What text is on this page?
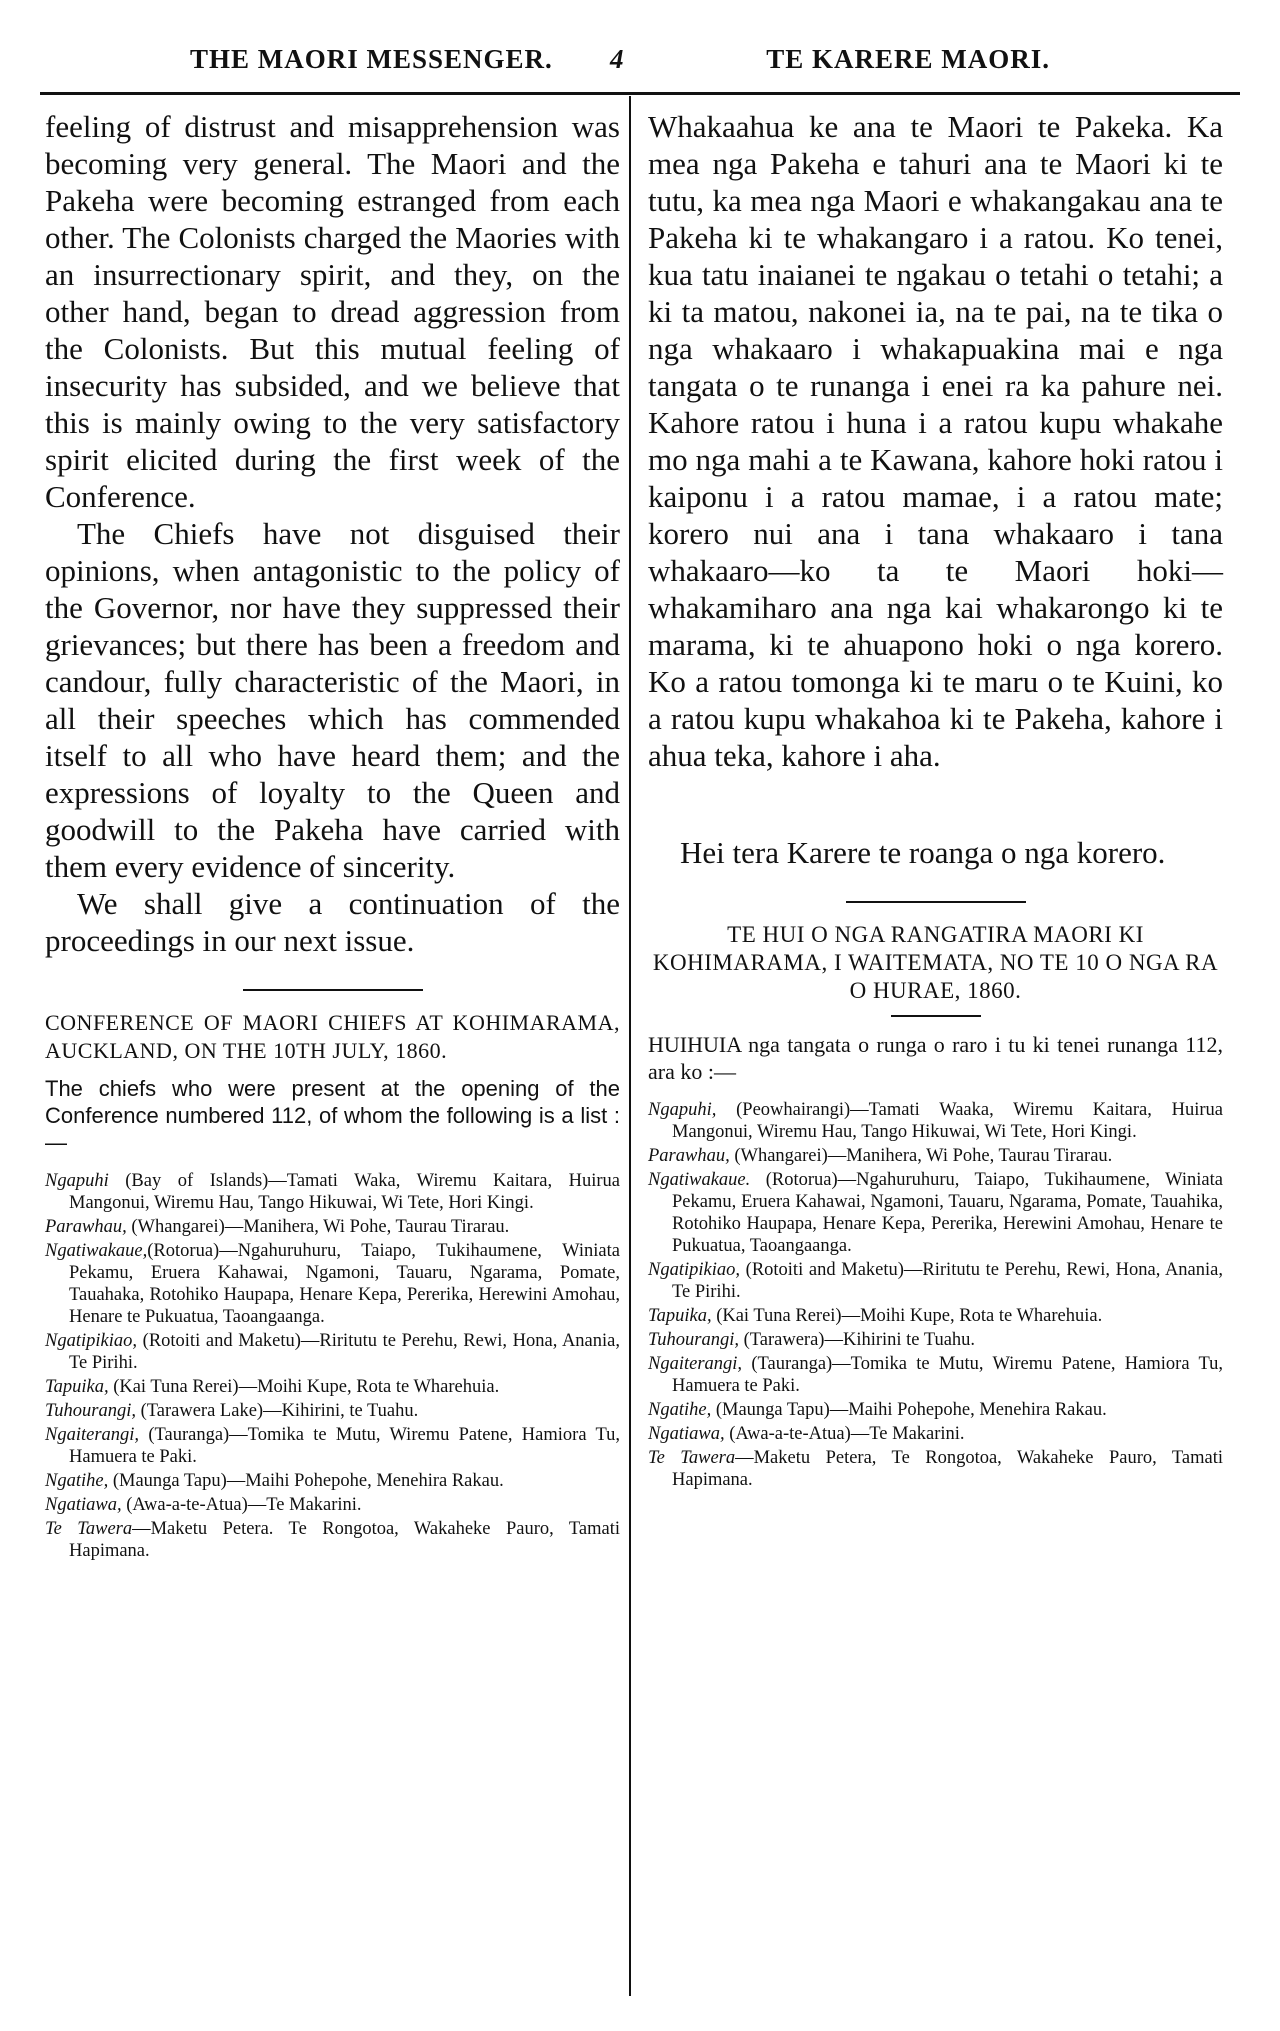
THE MAORI MESSENGER. 4	TE KARERE MAORI.

feeling of distrust and misapprehension was becoming very general. The Maori and the Pakeha were becoming estranged from each other. The Colonists charged the Maories with an insurrectionary spirit, and they, on the other hand, began to dread aggression from the Colonists. But this mutual feeling of insecurity has subsided, and we believe that this is mainly owing to the very satisfactory spirit elicited during the first week of the Conference.

The Chiefs have not disguised their opinions, when antagonistic to the policy of the Governor, nor have they suppressed their grievances; but there has been a freedom and candour, fully characteristic of the Maori, in all their speeches which has commended itself to all who have heard them; and the expressions of loyalty to the Queen and goodwill to the Pakeha have carried with them every evidence of sincerity.

We shall give a continuation of the proceedings in our next issue.

CONFERENCE OF MAORI CHIEFS AT KOHIMARAMA, AUCKLAND, ON THE 10TH JULY, 1860.

The chiefs who were present at the opening of the Conference numbered 112, of whom the following is a list :—

Ngapuhi (Bay of Islands)—Tamati Waka, Wiremu Kaitara, Huirua Mangonui, Wiremu Hau, Tango Hikuwai, Wi Tete, Hori Kingi.

Parawhau, (Whangarei)—Manihera, Wi Pohe, Taurau Tirarau.

Ngatiwakaue,(Rotorua)—Ngahuruhuru, Taiapo, Tukihaumene, Winiata Pekamu, Eruera Kahawai, Ngamoni, Tauaru, Ngarama, Pomate, Tauahaka, Rotohiko Haupapa, Henare Kepa, Pererika, Herewini Amohau, Henare te Pukuatua, Taoangaanga.

Ngatipikiao, (Rotoiti and Maketu)—Riritutu te Perehu, Rewi, Hona, Anania, Te Pirihi.

Tapuika, (Kai Tuna Rerei)—Moihi Kupe, Rota te Wharehuia.

Tuhourangi, (Tarawera Lake)—Kihirini, te Tuahu.

Ngaiterangi, (Tauranga)—Tomika te Mutu, Wiremu Patene, Hamiora Tu, Hamuera te Paki.

Ngatihe, (Maunga Tapu)—Maihi Pohepohe, Menehira Rakau.

Ngatiawa, (Awa-a-te-Atua)—Te Makarini.

Te Tawera—Maketu Petera. Te Rongotoa, Wakaheke Pauro, Tamati Hapimana.

Whakaahua ke ana te Maori te Pakeka. Ka mea nga Pakeha e tahuri ana te Maori ki te tutu, ka mea nga Maori e whakangakau ana te Pakeha ki te whakangaro i a ratou. Ko tenei, kua tatu inaianei te ngakau o tetahi o tetahi; a ki ta matou, nakonei ia, na te pai, na te tika o nga whakaaro i whakapuakina mai e nga tangata o te runanga i enei ra ka pahure nei. Kahore ratou i huna i a ratou kupu whakahe mo nga mahi a te Kawana, kahore hoki ratou i kaiponu i a ratou mamae, i a ratou mate; korero nui ana i tana whakaaro i tana whakaaro—ko ta te Maori hoki—whakamiharo ana nga kai whakarongo ki te marama, ki te ahuapono hoki o nga korero. Ko a ratou tomonga ki te maru o te Kuini, ko a ratou kupu whakahoa ki te Pakeha, kahore i ahua teka, kahore i aha.

Hei tera Karere te roanga o nga korero.

TE HUI O NGA RANGATIRA MAORI KI KOHIMARAMA, I WAITEMATA, NO TE 10 O NGA RA O HURAE, 1860.

HUIHUIA nga tangata o runga o raro i tu ki tenei runanga 112, ara ko :—

Ngapuhi, (Peowhairangi)—Tamati Waaka, Wiremu Kaitara, Huirua Mangonui, Wiremu Hau, Tango Hikuwai, Wi Tete, Hori Kingi.

Parawhau, (Whangarei)—Manihera, Wi Pohe, Taurau Tirarau.

Ngatiwakaue. (Rotorua)—Ngahuruhuru, Taiapo, Tukihaumene, Winiata Pekamu, Eruera Kahawai, Ngamoni, Tauaru, Ngarama, Pomate, Tauahika, Rotohiko Haupapa, Henare Kepa, Pererika, Herewini Amohau, Henare te Pukuatua, Taoangaanga.

Ngatipikiao, (Rotoiti and Maketu)—Riritutu te Perehu, Rewi, Hona, Anania, Te Pirihi.

Tapuika, (Kai Tuna Rerei)—Moihi Kupe, Rota te Wharehuia.

Tuhourangi, (Tarawera)—Kihirini te Tuahu.

Ngaiterangi, (Tauranga)—Tomika te Mutu, Wiremu Patene, Hamiora Tu, Hamuera te Paki.

Ngatihe, (Maunga Tapu)—Maihi Pohepohe, Menehira Rakau.

Ngatiawa, (Awa-a-te-Atua)—Te Makarini.

Te Tawera—Maketu Petera, Te Rongotoa, Wakaheke Pauro, Tamati Hapimana.
